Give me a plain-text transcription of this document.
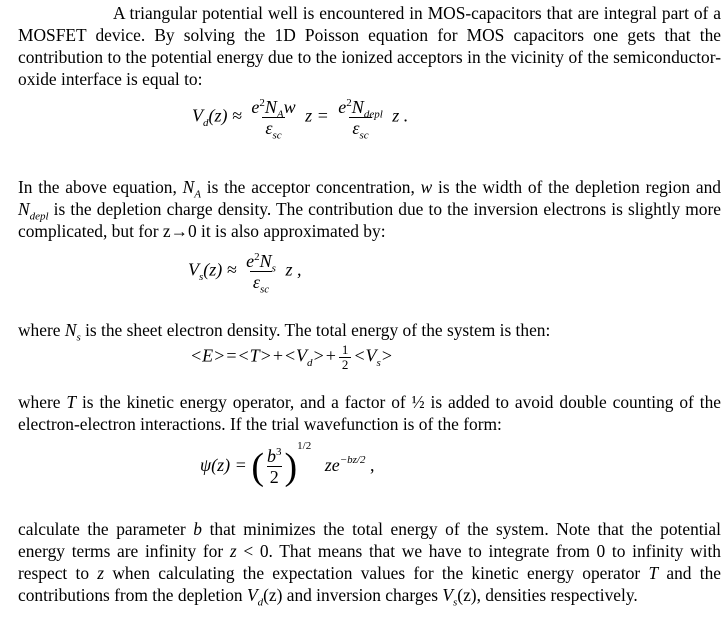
A triangular potential well is encountered in MOS-capacitors that are integral part of a MOSFET device. By solving the 1D Poisson equation for MOS capacitors one gets that the contribution to the potential energy due to the ionized acceptors in the vicinity of the semiconductor-oxide interface is equal to:

$V_d(z) \approx \frac{e^2N_Aw}{\varepsilon_{sc}}$ $z = \frac{e^2N_{depl}}{\varepsilon_{sc}}$ z .

In the above equation, $N_A$ is the acceptor concentration, w is the width of the depletion region and $N_{depl}$ is the depletion charge density. The contribution due to the inversion electrons is slightly more complicated, but for z→0 it is also approximated by:

$V_s(z) \approx \frac{e^2N_s}{\varepsilon_{sc}}$ z ,

where $N_s$ is the sheet electron density. The total energy of the system is then:

$<E>=<T>+<V_d>+ \frac{1}{2} <V_s>$

where T is the kinetic energy operator, and a factor of ½ is added to avoid double counting of the electron-electron interactions. If the trial wavefunction is of the form:

ψ(z) = ( $\frac{b^3}{2} )^{1/2}$   $ze^{-bz/2}$ ,

calculate the parameter b that minimizes the total energy of the system. Note that the potential energy terms are infinity for z < 0. That means that we have to integrate from 0 to infinity with respect to z when calculating the expectation values for the kinetic energy operator T and the contributions from the depletion $V_d(z)$ and inversion charges $V_s(z)$, densities respectively.
